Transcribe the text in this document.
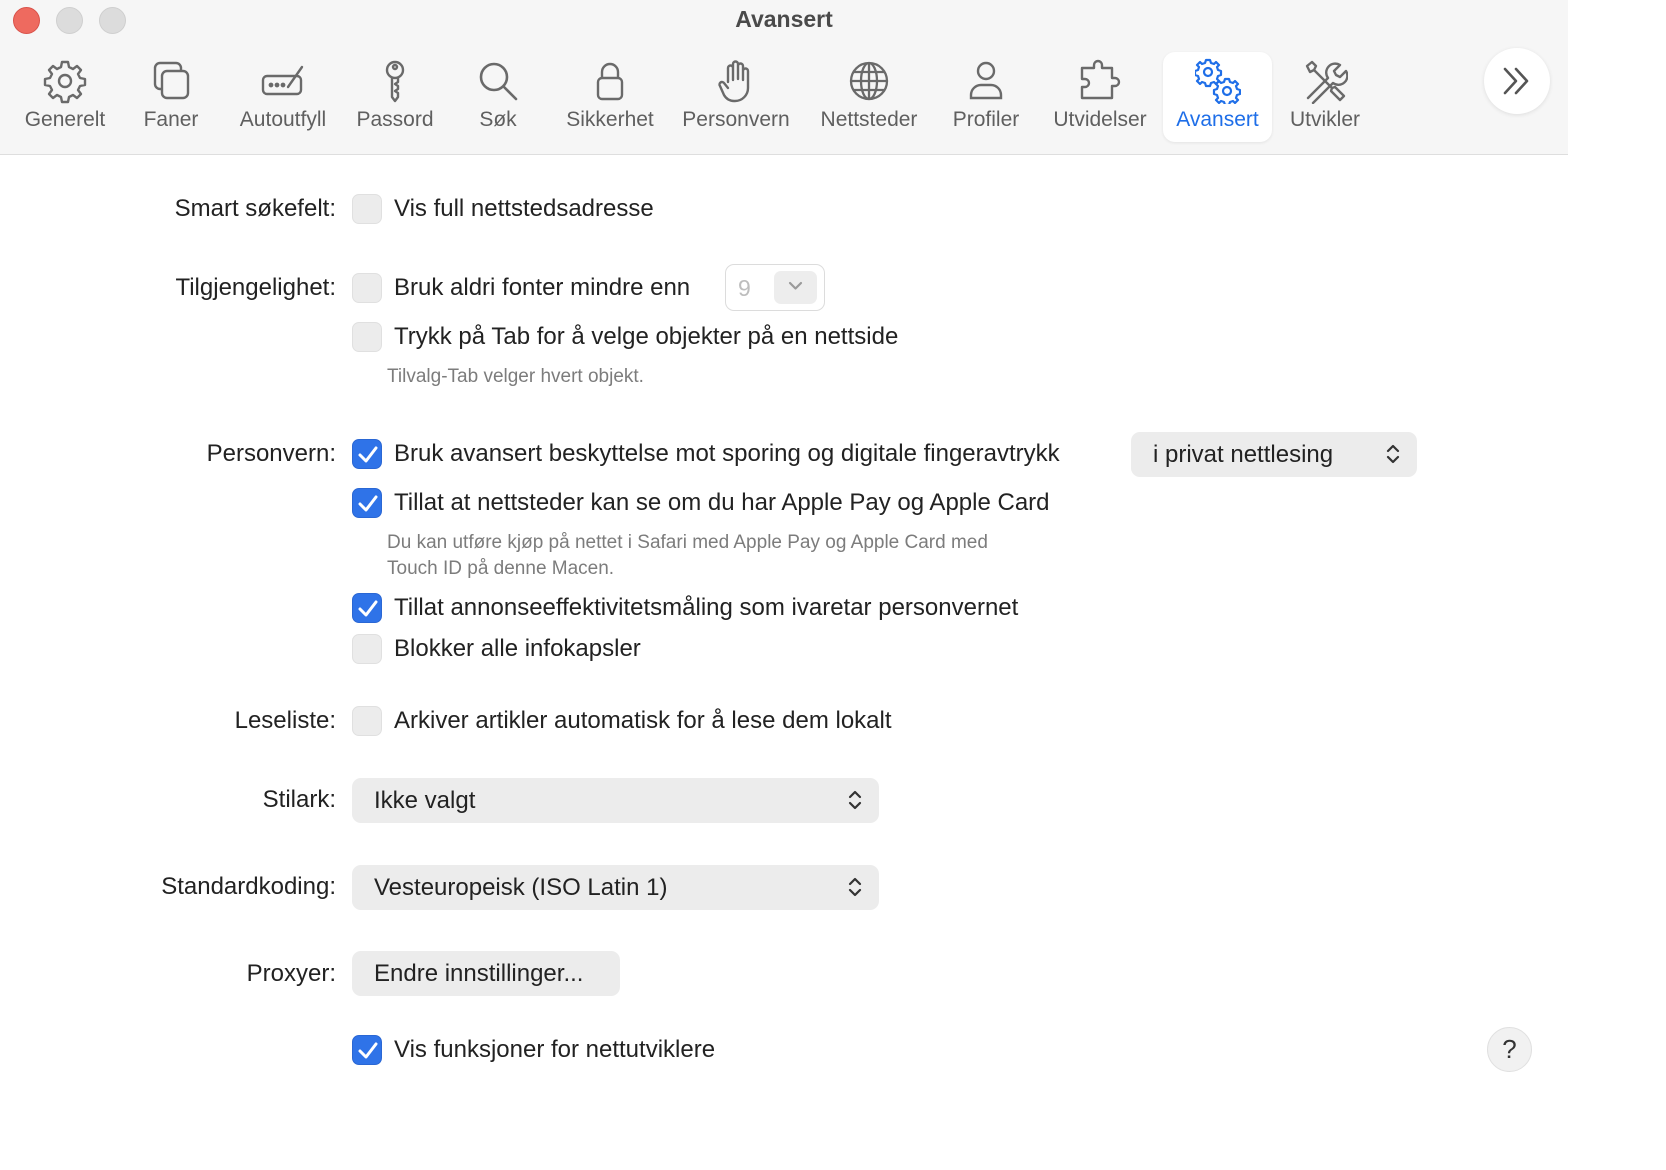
Avansert
Generelt	Faner	Autoutfyll	Passord	Søk	Sikkerhet	Personvern	Nettsteder	Profiler	Utvidelser	Avansert	Utvikler
Smart søkefelt: Vis full nettstedsadresse
Tilgjengelighet: Bruk aldri fonter mindre enn 9
Trykk på Tab for å velge objekter på en nettside
Tilvalg-Tab velger hvert objekt.
Personvern: Bruk avansert beskyttelse mot sporing og digitale fingeravtrykk	i privat nettlesing
Tillat at nettsteder kan se om du har Apple Pay og Apple Card
Du kan utføre kjøp på nettet i Safari med Apple Pay og Apple Card med
Touch ID på denne Macen.
Tillat annonseeffektivitetsmåling som ivaretar personvernet
Blokker alle infokapsler
Leseliste: Arkiver artikler automatisk for å lese dem lokalt
Stilark: Ikke valgt
Standardkoding: Vesteuropeisk (ISO Latin 1)
Proxyer: Endre innstillinger...
Vis funksjoner for nettutviklere	?
